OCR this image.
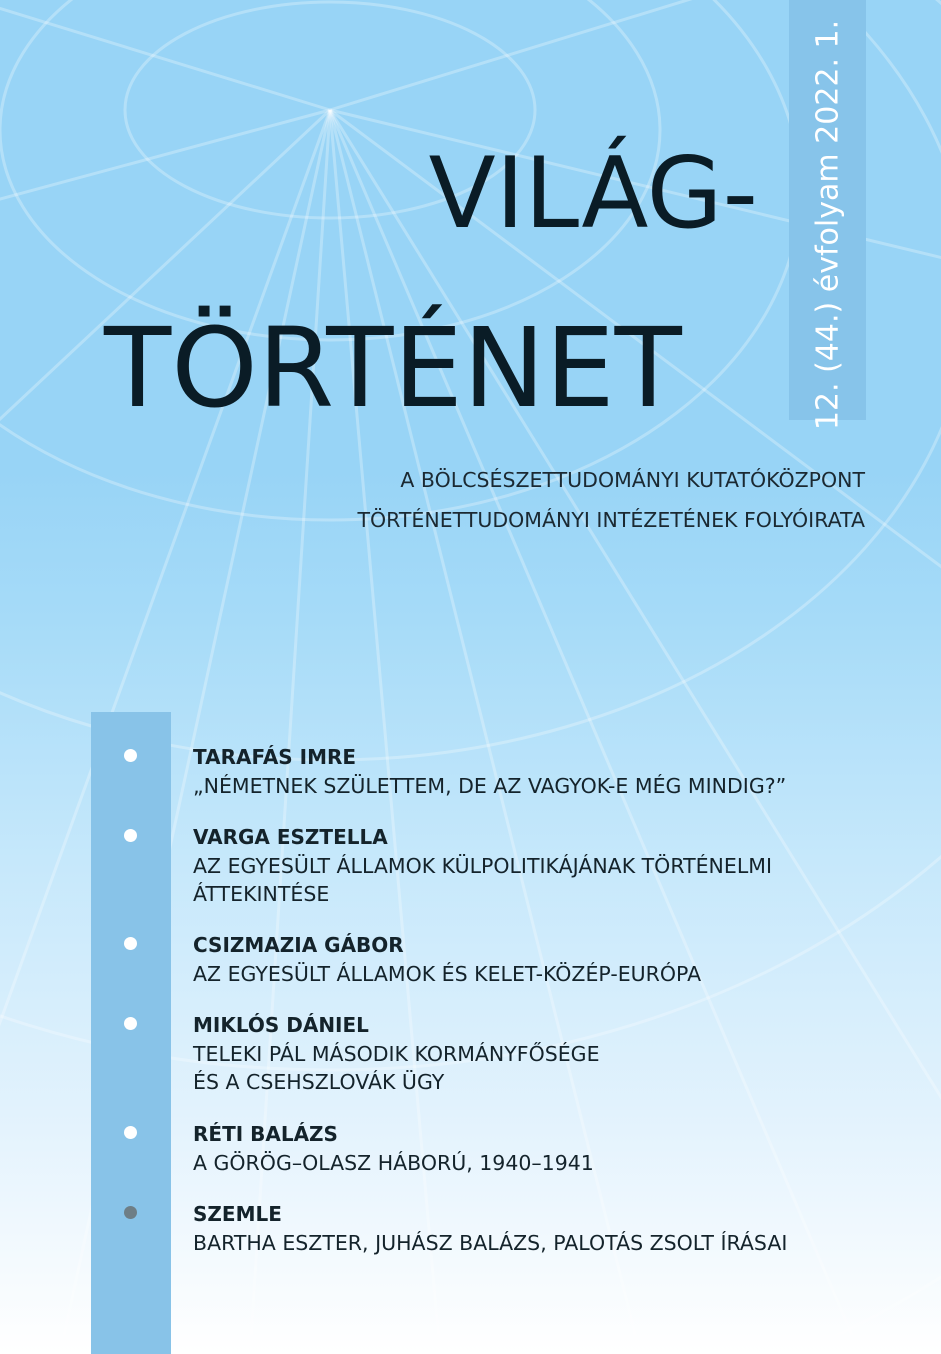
12. (44.) évfolyam 2022. 1.
VILÁG-
TÖRTÉNET
A BÖLCSÉSZETTUDOMÁNYI KUTATÓKÖZPONT
TÖRTÉNETTUDOMÁNYI INTÉZETÉNEK FOLYÓIRATA
TARAFÁS IMRE
„NÉMETNEK SZÜLETTEM, DE AZ VAGYOK-E MÉG MINDIG?”
VARGA ESZTELLA
AZ EGYESÜLT ÁLLAMOK KÜLPOLITIKÁJÁNAK TÖRTÉNELMI
ÁTTEKINTÉSE
CSIZMAZIA GÁBOR
AZ EGYESÜLT ÁLLAMOK ÉS KELET-KÖZÉP-EURÓPA
MIKLÓS DÁNIEL
TELEKI PÁL MÁSODIK KORMÁNYFŐSÉGE
ÉS A CSEHSZLOVÁK ÜGY
RÉTI BALÁZS
A GÖRÖG–OLASZ HÁBORÚ, 1940–1941
SZEMLE
BARTHA ESZTER, JUHÁSZ BALÁZS, PALOTÁS ZSOLT ÍRÁSAI
